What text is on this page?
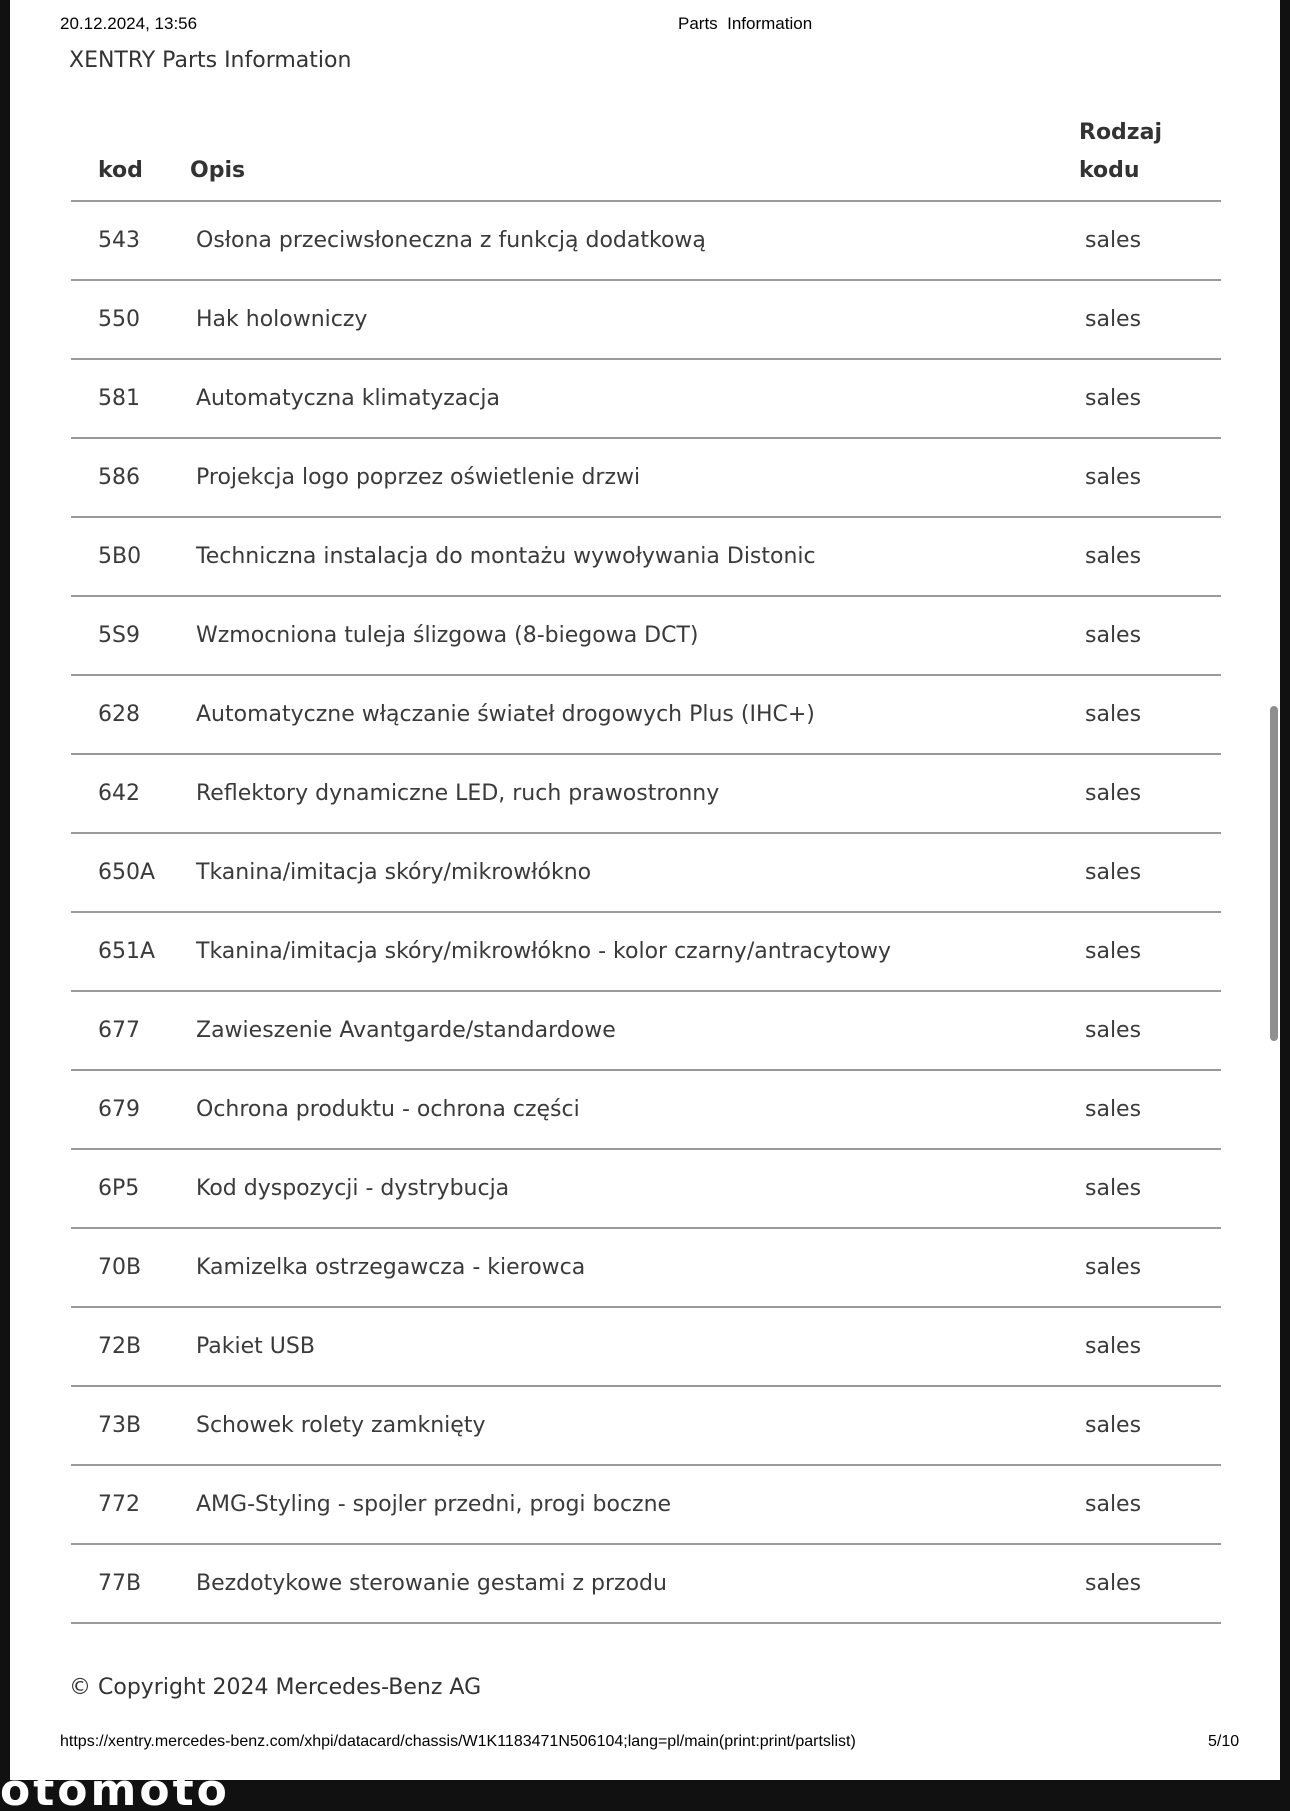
20.12.2024, 13:56	Parts  Information
XENTRY Parts Information
kod Opis
Rodzaj
kodu
543	Osłona przeciwsłoneczna z funkcją dodatkową	sales
550	Hak holowniczy	sales
581	Automatyczna klimatyzacja	sales
586	Projekcja logo poprzez oświetlenie drzwi	sales
5B0 Techniczna instalacja do montażu wywoływania Distonic	sales
5S9	Wzmocniona tuleja ślizgowa (8-biegowa DCT)	sales
628	Automatyczne włączanie świateł drogowych Plus (IHC+)	sales
642	Reflektory dynamiczne LED, ruch prawostronny	sales
650A Tkanina/imitacja skóry/mikrowłókno	sales
651A Tkanina/imitacja skóry/mikrowłókno - kolor czarny/antracytowy	sales
677	Zawieszenie Avantgarde/standardowe	sales
679	Ochrona produktu - ochrona części	sales
6P5	Kod dyspozycji - dystrybucja	sales
70B Kamizelka ostrzegawcza - kierowca	sales
72B Pakiet USB	sales
73B Schowek rolety zamknięty	sales
772	AMG-Styling - spojler przedni, progi boczne	sales
77B Bezdotykowe sterowanie gestami z przodu	sales
© Copyright 2024 Mercedes-Benz AG
https://xentry.mercedes-benz.com/xhpi/datacard/chassis/W1K1183471N506104;lang=pl/main(print:print/partslist)	5/10
otomoto
